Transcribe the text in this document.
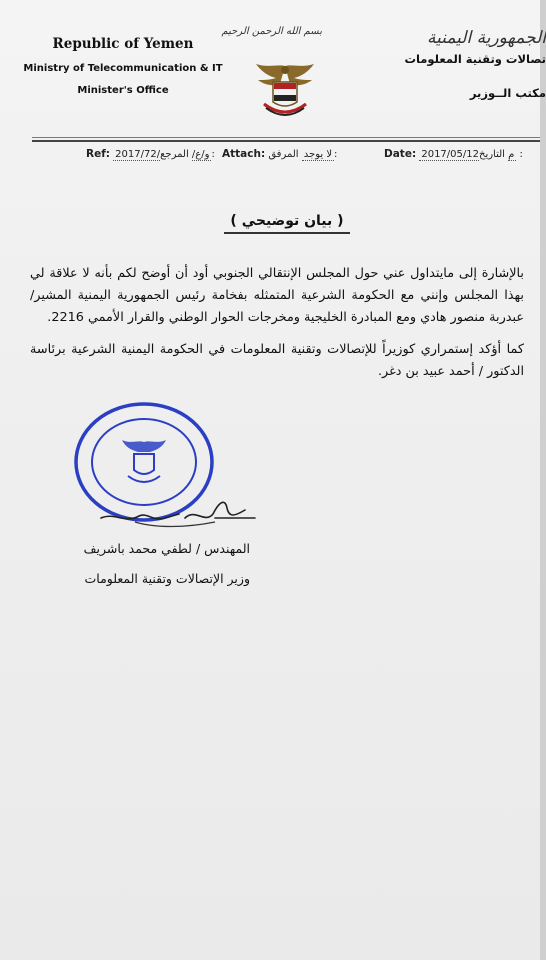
Republic of Yemen
Ministry of Telecommunication & IT
Minister's Office
بسم الله الرحمن الرحيم	الجمهورية اليمنية
تصالات وتقنية المعلومات
مكتب الــوزير
Ref: 2017/72/و/ع/ المرجع: Attach:	لا يوجد المرفق:	Date: 2017/05/12م التاريخ :
( بيان توضيحي )

بالإشارة إلى مايتداول عني حول المجلس الإنتقالي الجنوبي أود أن أوضح لكم بأنه لا علاقة لي بهذا المجلس وإنني مع الحكومة الشرعية المتمثله بفخامة رئيس الجمهورية اليمنية المشير/ عبدربة منصور هادي ومع المبادرة الخليجية ومخرجات الحوار الوطني والقرار الأممي 2216.

كما أؤكد إستمراري كوزيراً للإتصالات وتقنية المعلومات في الحكومة اليمنية الشرعية برئاسة الدكتور / أحمد عبيد بن دغر.

المهندس / لطفي محمد باشريف
وزير الإتصالات وتقنية المعلومات
